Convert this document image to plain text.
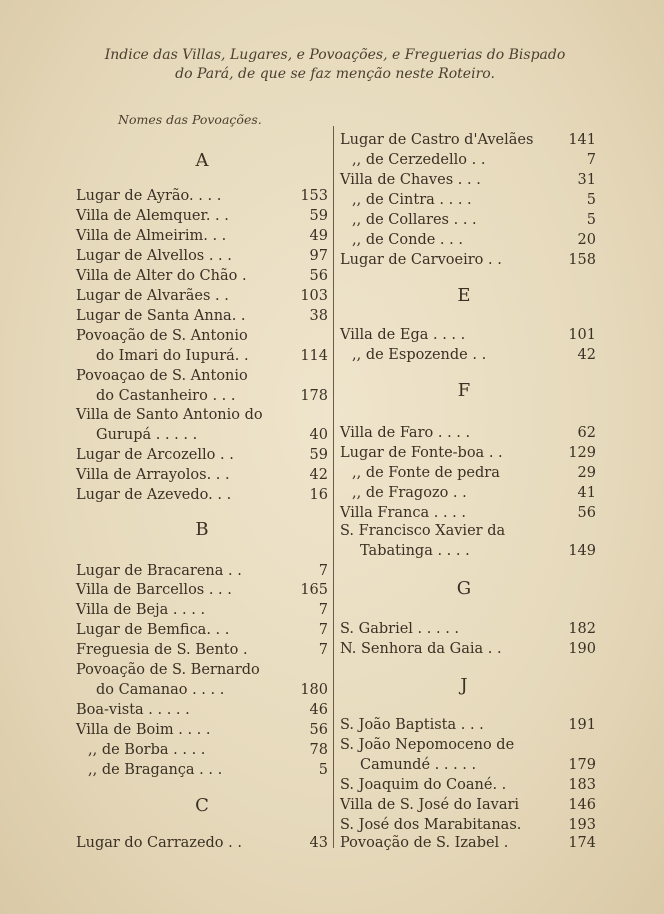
Indice das Villas, Lugares, e Povoações, e Freguerias do Bispado
do Pará, de que se faz menção neste Roteiro.
Nomes das Povoações.
A
Lugar de Ayrão. . . .	153
Villa de Alemquer. . .	59
Villa de Almeirim. . .	49
Lugar de Alvellos . . .	97
Villa de Alter do Chão .	56
Lugar de Alvarães . .	103
Lugar de Santa Anna. .	38
Povoação de S. Antonio
do Imari do Iupurá. .	114
Povoaçao de S. Antonio
do Castanheiro . . .	178
Villa de Santo Antonio do
Gurupá . . . . .	40
Lugar de Arcozello . .	59
Villa de Arrayolos. . .	42
Lugar de Azevedo. . .	16
B
Lugar de Bracarena . .	7
Villa de Barcellos . . .	165
Villa de Beja . . . .	7
Lugar de Bemfica. . .	7
Freguesia de S. Bento .	7
Povoação de S. Bernardo
do Camanao . . . .	180
Boa-vista . . . . .	46
Villa de Boim . . . .	56
,, de Borba . . . .	78
,, de Bragança . . .	5
C
Lugar do Carrazedo . .	43
Lugar de Castro d'Avelães 141
,, de Cerzedello . .	7
Villa de Chaves . . .	31
,, de Cintra . . . .	5
,, de Collares . . .	5
,, de Conde . . .	20
Lugar de Carvoeiro . .	158
E
Villa de Ega . . . .	101
,, de Espozende . .	42
F
Villa de Faro . . . .	62
Lugar de Fonte-boa . .	129
,, de Fonte de pedra	29
,, de Fragozo . .	41
Villa Franca . . . .	56
S. Francisco Xavier da
Tabatinga . . . .	149
G
S. Gabriel . . . . .	182
N. Senhora da Gaia . .	190
J
S. João Baptista . . .	191
S. João Nepomoceno de
Camundé . . . . .	179
S. Joaquim do Coané. .	183
Villa de S. José do Iavari	146
S. José dos Marabitanas.	193
Povoação de S. Izabel .	174
